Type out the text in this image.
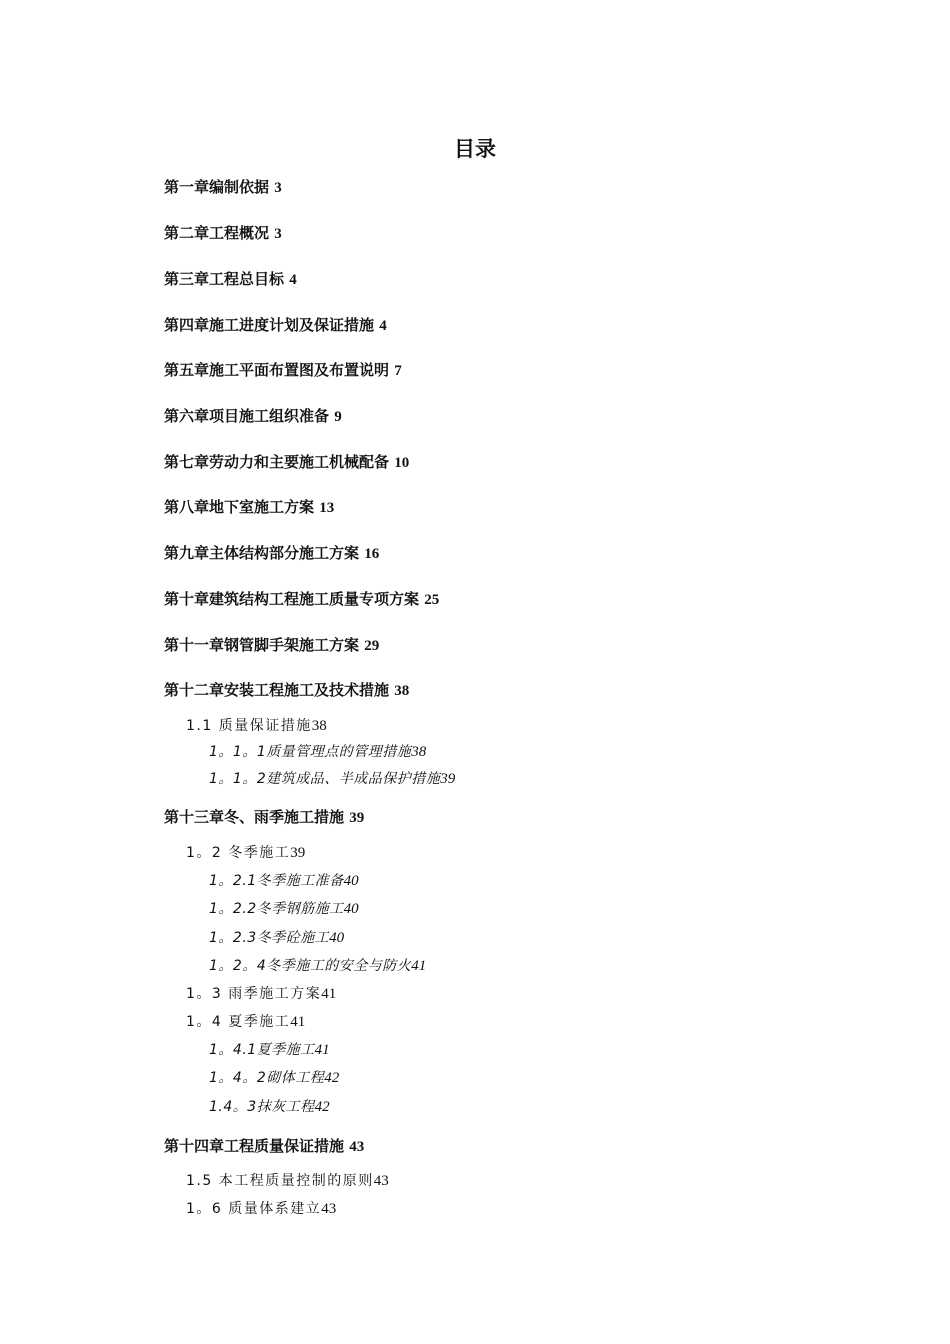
目录
第一章编制依据 3
第二章工程概况 3
第三章工程总目标 4
第四章施工进度计划及保证措施 4
第五章施工平面布置图及布置说明 7
第六章项目施工组织准备 9
第七章劳动力和主要施工机械配备 10
第八章地下室施工方案 13
第九章主体结构部分施工方案 16
第十章建筑结构工程施工质量专项方案 25
第十一章钢管脚手架施工方案 29
第十二章安装工程施工及技术措施 38
1.1 质量保证措施38
1。1。1质量管理点的管理措施38
1。1。2建筑成品、半成品保护措施39
第十三章冬、雨季施工措施 39
1。2 冬季施工39
1。2.1冬季施工准备40
1。2.2冬季钢筋施工40
1。2.3冬季砼施工40
1。2。4冬季施工的安全与防火41
1。3 雨季施工方案41
1。4 夏季施工41
1。4.1夏季施工41
1。4。2砌体工程42
1.4。3抹灰工程42
第十四章工程质量保证措施 43
1.5 本工程质量控制的原则43
1。6 质量体系建立43
